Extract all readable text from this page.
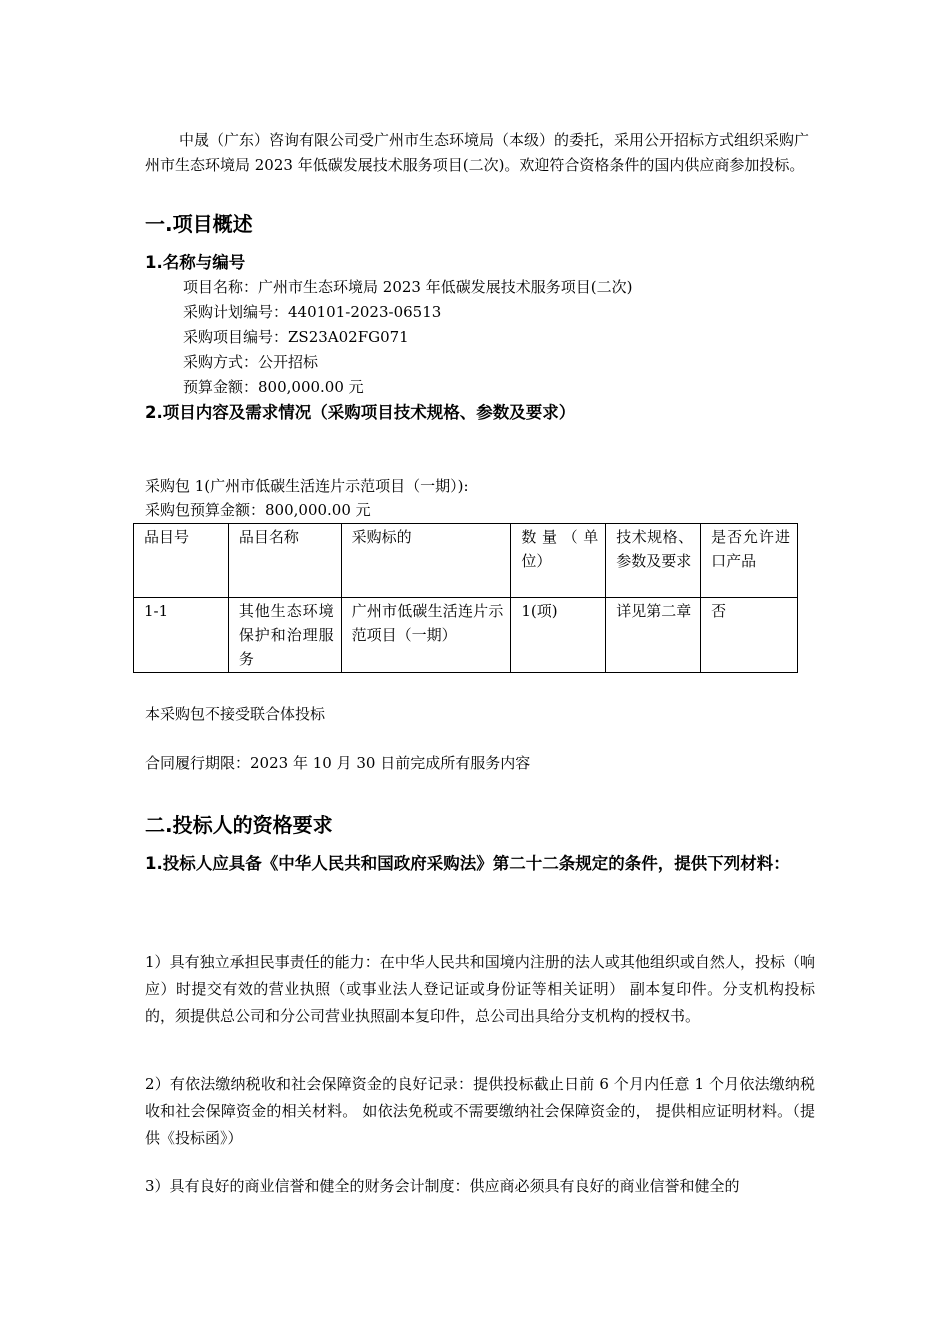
中晟（广东）咨询有限公司受广州市生态环境局（本级）的委托，采用公开招标方式组织采购广州市生态环境局 2023 年低碳发展技术服务项目(二次)。欢迎符合资格条件的国内供应商参加投标。

一.项目概述
1.名称与编号
项目名称：广州市生态环境局 2023 年低碳发展技术服务项目(二次)
采购计划编号：440101-2023-06513
采购项目编号：ZS23A02FG071
采购方式：公开招标
预算金额：800,000.00 元
2.项目内容及需求情况（采购项目技术规格、参数及要求）
采购包 1(广州市低碳生活连片示范项目（一期）):
采购包预算金额：800,000.00 元
品目号	品目名称	采购标的	数量（单位）	技术规格、参数及要求	是否允许进口产品
1-1	其他生态环境保护和治理服务	广州市低碳生活连片示范项目（一期）	1(项)	详见第二章	否
本采购包不接受联合体投标
合同履行期限：2023 年 10 月 30 日前完成所有服务内容
二.投标人的资格要求
1.投标人应具备《中华人民共和国政府采购法》第二十二条规定的条件，提供下列材料：

1）具有独立承担民事责任的能力：在中华人民共和国境内注册的法人或其他组织或自然人，投标（响应）时提交有效的营业执照（或事业法人登记证或身份证等相关证明） 副本复印件。分支机构投标的，须提供总公司和分公司营业执照副本复印件，总公司出具给分支机构的授权书。

2）有依法缴纳税收和社会保障资金的良好记录：提供投标截止日前 6 个月内任意 1 个月依法缴纳税收和社会保障资金的相关材料。 如依法免税或不需要缴纳社会保障资金的， 提供相应证明材料。（提供《投标函》）

3）具有良好的商业信誉和健全的财务会计制度：供应商必须具有良好的商业信誉和健全的
